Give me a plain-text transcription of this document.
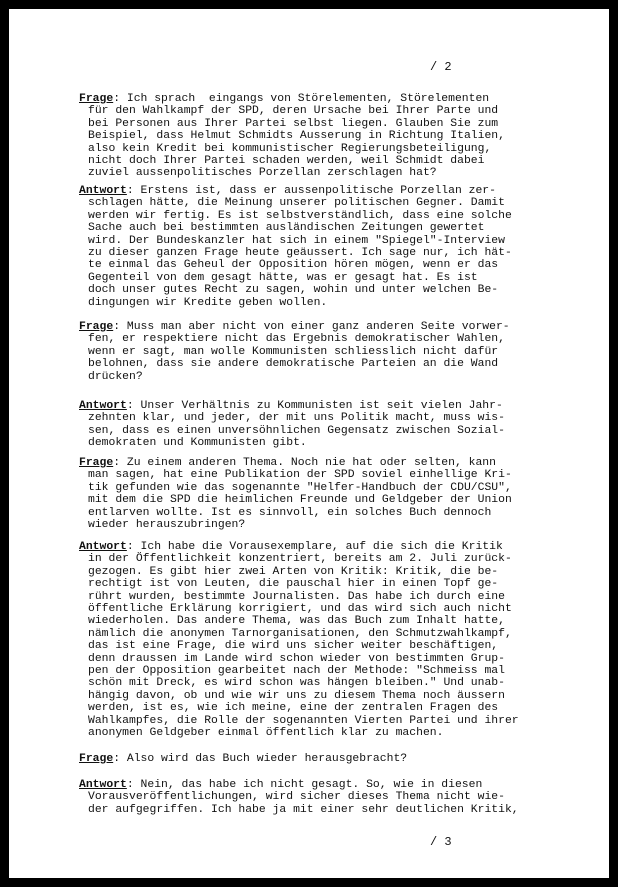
/ 2
Frage: Ich sprach  eingangs von Störelementen, Störelementen
für den Wahlkampf der SPD, deren Ursache bei Ihrer Parte und
bei Personen aus Ihrer Partei selbst liegen. Glauben Sie zum
Beispiel, dass Helmut Schmidts Ausserung in Richtung Italien,
also kein Kredit bei kommunistischer Regierungsbeteiligung,
nicht doch Ihrer Partei schaden werden, weil Schmidt dabei
zuviel aussenpolitisches Porzellan zerschlagen hat?
Antwort: Erstens ist, dass er aussenpolitische Porzellan zer-
schlagen hätte, die Meinung unserer politischen Gegner. Damit
werden wir fertig. Es ist selbstverständlich, dass eine solche
Sache auch bei bestimmten ausländischen Zeitungen gewertet
wird. Der Bundeskanzler hat sich in einem "Spiegel"-Interview
zu dieser ganzen Frage heute geäussert. Ich sage nur, ich hät-
te einmal das Geheul der Opposition hören mögen, wenn er das
Gegenteil von dem gesagt hätte, was er gesagt hat. Es ist
doch unser gutes Recht zu sagen, wohin und unter welchen Be-
dingungen wir Kredite geben wollen.
Frage: Muss man aber nicht von einer ganz anderen Seite vorwer-
fen, er respektiere nicht das Ergebnis demokratischer Wahlen,
wenn er sagt, man wolle Kommunisten schliesslich nicht dafür
belohnen, dass sie andere demokratische Parteien an die Wand
drücken?
Antwort: Unser Verhältnis zu Kommunisten ist seit vielen Jahr-
zehnten klar, und jeder, der mit uns Politik macht, muss wis-
sen, dass es einen unversöhnlichen Gegensatz zwischen Sozial-
demokraten und Kommunisten gibt.
Frage: Zu einem anderen Thema. Noch nie hat oder selten, kann
man sagen, hat eine Publikation der SPD soviel einhellige Kri-
tik gefunden wie das sogenannte "Helfer-Handbuch der CDU/CSU",
mit dem die SPD die heimlichen Freunde und Geldgeber der Union
entlarven wollte. Ist es sinnvoll, ein solches Buch dennoch
wieder herauszubringen?
Antwort: Ich habe die Vorausexemplare, auf die sich die Kritik
in der Öffentlichkeit konzentriert, bereits am 2. Juli zurück-
gezogen. Es gibt hier zwei Arten von Kritik: Kritik, die be-
rechtigt ist von Leuten, die pauschal hier in einen Topf ge-
rührt wurden, bestimmte Journalisten. Das habe ich durch eine
öffentliche Erklärung korrigiert, und das wird sich auch nicht
wiederholen. Das andere Thema, was das Buch zum Inhalt hatte,
nämlich die anonymen Tarnorganisationen, den Schmutzwahlkampf,
das ist eine Frage, die wird uns sicher weiter beschäftigen,
denn draussen im Lande wird schon wieder von bestimmten Grup-
pen der Opposition gearbeitet nach der Methode: "Schmeiss mal
schön mit Dreck, es wird schon was hängen bleiben." Und unab-
hängig davon, ob und wie wir uns zu diesem Thema noch äussern
werden, ist es, wie ich meine, eine der zentralen Fragen des
Wahlkampfes, die Rolle der sogenannten Vierten Partei und ihrer
anonymen Geldgeber einmal öffentlich klar zu machen.
Frage: Also wird das Buch wieder herausgebracht?
Antwort: Nein, das habe ich nicht gesagt. So, wie in diesen
Vorausveröffentlichungen, wird sicher dieses Thema nicht wie-
der aufgegriffen. Ich habe ja mit einer sehr deutlichen Kritik,
/ 3
